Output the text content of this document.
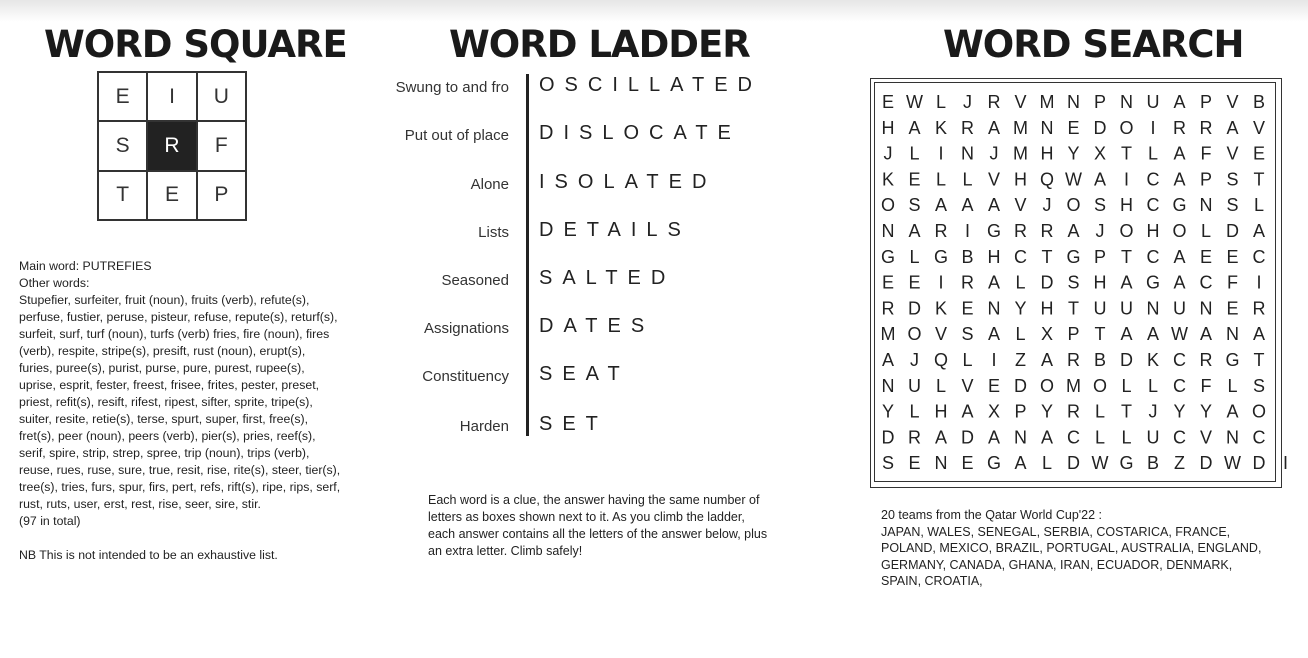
WORD SQUARE
E	I	U
S	R	F
T	E	P

Main word: PUTREFIES

Other words:

Stupefier, surfeiter, fruit (noun), fruits (verb), refute(s), perfuse, fustier, peruse, pisteur, refuse, repute(s), returf(s), surfeit, surf, turf (noun), turfs (verb) fries, fire (noun), fires (verb), respite, stripe(s), presift, rust (noun), erupt(s), furies, puree(s), purist, purse, pure, purest, rupee(s), uprise, esprit, fester, freest, frisee, frites, pester, preset, priest, refit(s), resift, rifest, ripest, sifter, sprite, tripe(s), suiter, resite, retie(s), terse, spurt, super, first, free(s), fret(s), peer (noun), peers (verb), pier(s), pries, reef(s), serif, spire, strip, strep, spree, trip (noun), trips (verb), reuse, rues, ruse, sure, true, resit, rise, rite(s), steer, tier(s), tree(s), tries, furs, spur, firs, pert, refs, rift(s), ripe, rips, serf, rust, ruts, user, erst, rest, rise, seer, sire, stir.

(97 in total)

NB This is not intended to be an exhaustive list.

WORD LADDER
Swung to and fro OSCILLATED
Put out of place DISLOCATE
Alone ISOLATED
Lists DETAILS
Seasoned SALTED
Assignations DATES
Constituency SEAT
Harden SET
Each word is a clue, the answer having the same number of letters as boxes shown next to it. As you climb the ladder, each answer contains all the letters of the answer below, plus an extra letter. Climb safely!
WORD SEARCH
E W L J R V M N P N U A P V B
H A K R A M N E D O I R R A V
J L I N J M H Y X T L A F V E
K E L L V H Q W A I C A P S T
O S A A A V J O S H C G N S L
N A R I G R R A J O H O L D A
G L G B H C T G P T C A E E C
E E I R A L D S H A G A C F I
R D K E N Y H T U U N U N E R
M O V S A L X P T A A W A N A
A J Q L I Z A R B D K C R G T
N U L V E D O M O L L C F L S
Y L H A X P Y R L T J Y Y A O
D R A D A N A C L L U C V N C
S E N E G A L D W G B Z D W D I

20 teams from the Qatar World Cup'22 :

JAPAN, WALES, SENEGAL, SERBIA, COSTARICA, FRANCE, POLAND, MEXICO, BRAZIL, PORTUGAL, AUSTRALIA, ENGLAND, GERMANY, CANADA, GHANA, IRAN, ECUADOR, DENMARK, SPAIN, CROATIA,
